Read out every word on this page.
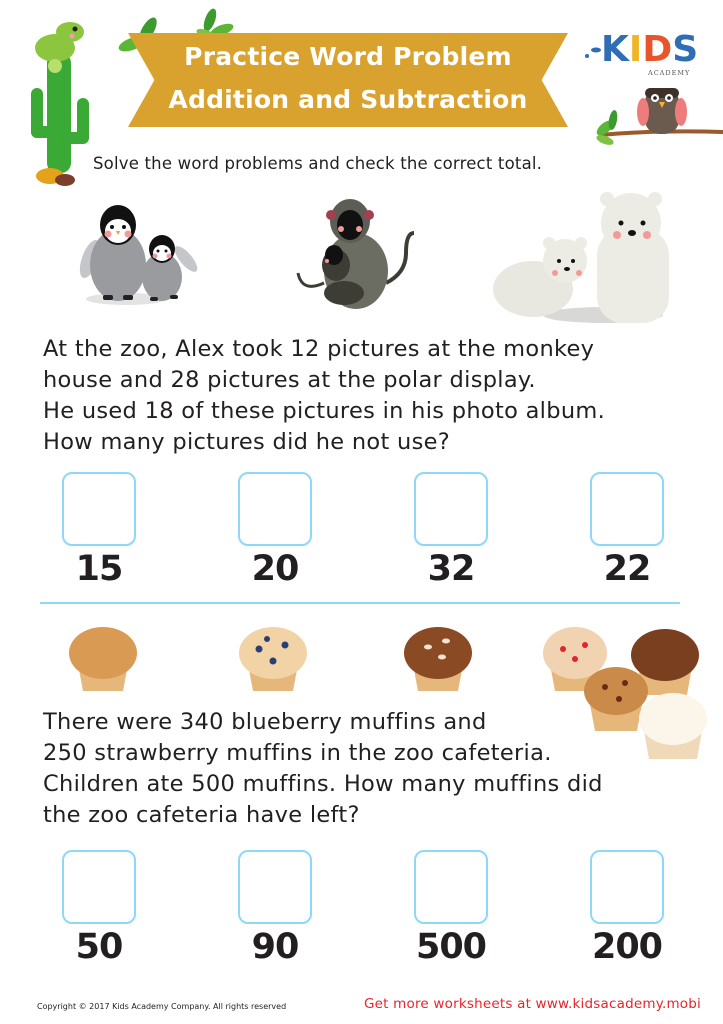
Practice Word Problem
Addition and Subtraction
KIDS
ACADEMY
Solve the word problems and check the correct total.
At the zoo, Alex took 12 pictures at the monkey
house and 28 pictures at the polar display.
He used 18 of these pictures in his photo album.
How many pictures did he not use?
15	20	32	22
There were 340 blueberry muffins and
250 strawberry muffins in the zoo cafeteria.
Children ate 500 muffins. How many muffins did
the zoo cafeteria have left?
50	90	500	200
Copyright © 2017 Kids Academy Company. All rights reserved	Get more worksheets at www.kidsacademy.mobi
